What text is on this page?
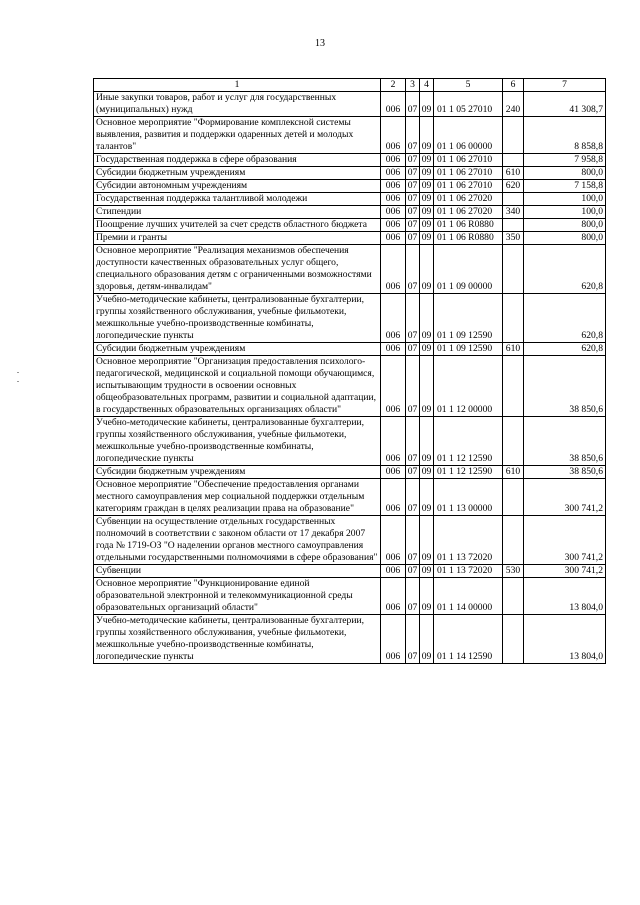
13
1	2	3	4	5	6	7
Иные закупки товаров, работ и услуг для государственных (муниципальных) нужд	006	07	09	01 1 05 27010	240	41 308,7
Основное мероприятие "Формирование комплексной системы выявления, развития и поддержки одаренных детей и молодых талантов"	006	07	09	01 1 06 00000		8 858,8
Государственная поддержка в сфере образования	006	07	09	01 1 06 27010		7 958,8
Субсидии бюджетным учреждениям	006	07	09	01 1 06 27010	610	800,0
Субсидии автономным учреждениям	006	07	09	01 1 06 27010	620	7 158,8
Государственная поддержка талантливой молодежи	006	07	09	01 1 06 27020		100,0
Стипендии	006	07	09	01 1 06 27020	340	100,0
Поощрение лучших учителей за счет средств областного бюджета	006	07	09	01 1 06 R0880		800,0
Премии и гранты	006	07	09	01 1 06 R0880	350	800,0
Основное мероприятие "Реализация механизмов обеспечения доступности качественных образовательных услуг общего, специального образования детям с ограниченными возможностями здоровья, детям-инвалидам"	006	07	09	01 1 09 00000		620,8
Учебно-методические кабинеты, централизованные бухгалтерии, группы хозяйственного обслуживания, учебные фильмотеки, межшкольные учебно-производственные комбинаты, логопедические пункты	006	07	09	01 1 09 12590		620,8
Субсидии бюджетным учреждениям	006	07	09	01 1 09 12590	610	620,8
Основное мероприятие "Организация предоставления психолого-педагогической, медицинской и социальной помощи обучающимся, испытывающим трудности в освоении основных общеобразовательных программ, развитии и социальной адаптации, в государственных образовательных организациях области"	006	07	09	01 1 12 00000		38 850,6
Учебно-методические кабинеты, централизованные бухгалтерии, группы хозяйственного обслуживания, учебные фильмотеки, межшкольные учебно-производственные комбинаты, логопедические пункты	006	07	09	01 1 12 12590		38 850,6
Субсидии бюджетным учреждениям	006	07	09	01 1 12 12590	610	38 850,6
Основное мероприятие "Обеспечение предоставления органами местного самоуправления мер социальной поддержки отдельным категориям граждан в целях реализации права на образование"	006	07	09	01 1 13 00000		300 741,2
Субвенции на осуществление отдельных государственных полномочий в соответствии с законом области от 17 декабря 2007 года № 1719-ОЗ "О наделении органов местного самоуправления отдельными государственными полномочиями в сфере образования"	006	07	09	01 1 13 72020		300 741,2
Субвенции	006	07	09	01 1 13 72020	530	300 741,2
Основное мероприятие "Функционирование единой образовательной электронной и телекоммуникационной среды образовательных организаций области"	006	07	09	01 1 14 00000		13 804,0
Учебно-методические кабинеты, централизованные бухгалтерии, группы хозяйственного обслуживания, учебные фильмотеки, межшкольные учебно-производственные комбинаты, логопедические пункты	006	07	09	01 1 14 12590		13 804,0
